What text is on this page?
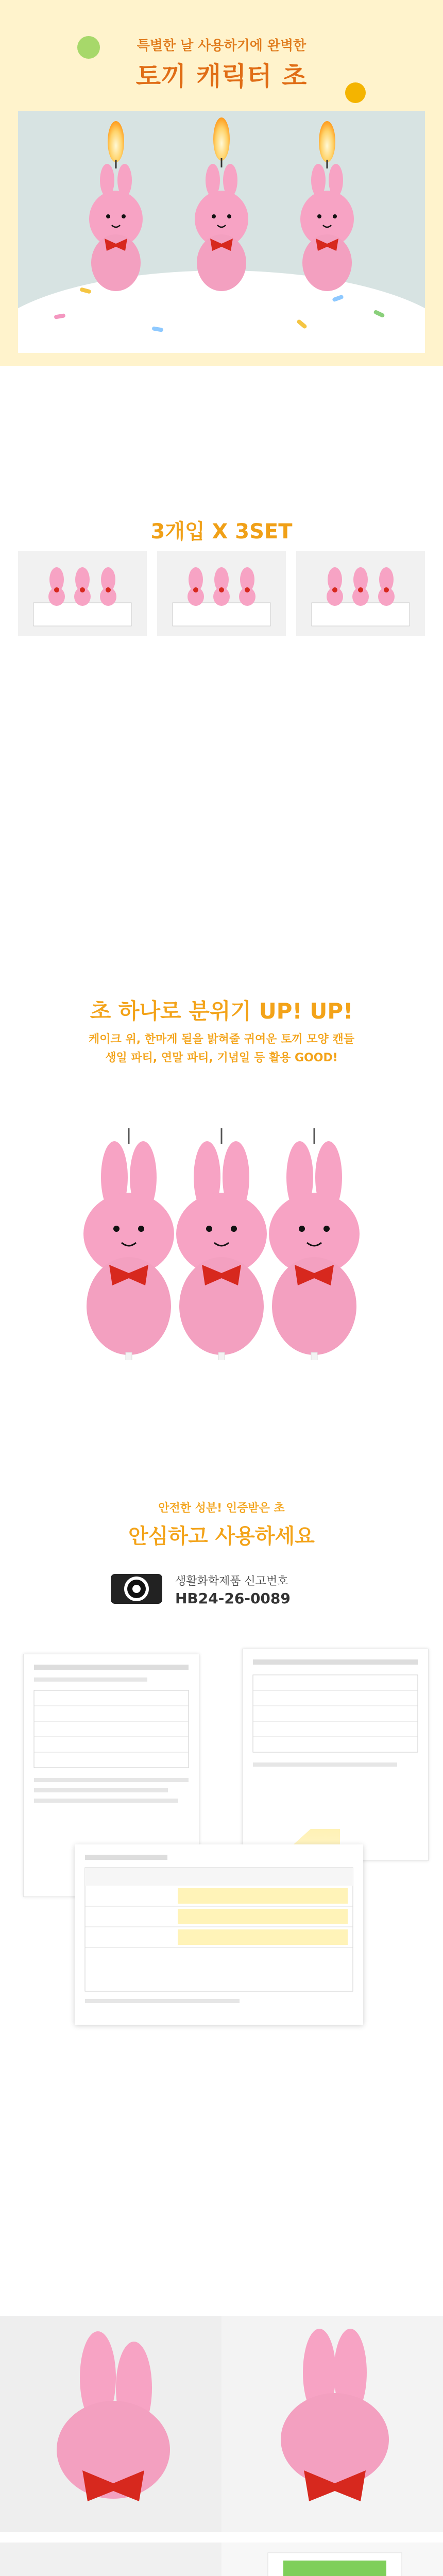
특별한 날 사용하기에 완벽한
토끼 캐릭터 초
3개입 X 3SET
초 하나로 분위기 UP! UP!
케이크 위, 한마게 될을 밝혀줄 귀여운 토끼 모양 캔들
생일 파티, 연말 파티, 기념일 등 활용 GOOD!
안전한 성분! 인증받은 초
안심하고 사용하세요
생활화학제품 신고번호
HB24-26-0089
